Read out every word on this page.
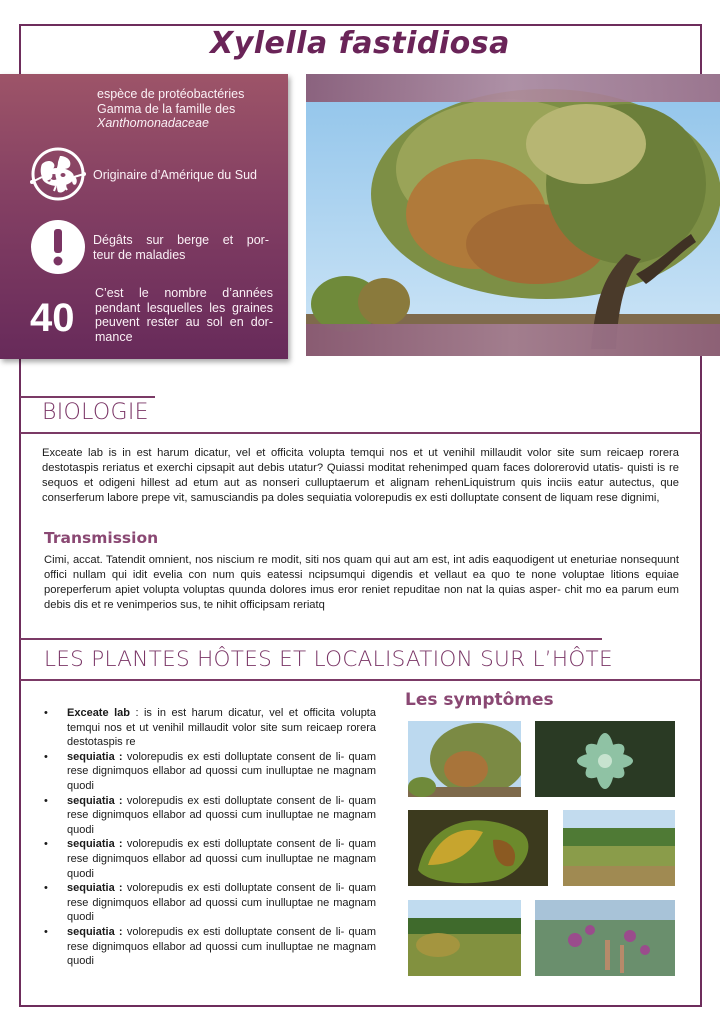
Xylella fastidiosa
espèce de protéobactéries
Gamma de la famille des
Xanthomonadaceae
Originaire d’Amérique du Sud
Dégâts sur berge et por-
teur de maladies
40
C’est le nombre d’années
pendant lesquelles les graines
peuvent rester au sol en dor-
mance
BIOLOGIE

Exceate lab is in est harum dicatur, vel et officita volupta temqui nos et ut venihil millaudit volor site sum reicaep rorera destotaspis reriatus et exerchi cipsapit aut debis utatur? Quiassi moditat rehenimped quam faces dolorerovid utatis- quisti is re sequos et odigeni hillest ad etum aut as nonseri culluptaerum et alignam rehenLiquistrum quis inciis eatur autectus, que conserferum labore prepe vit, samusciandis pa doles sequiatia volorepudis ex esti dolluptate consent de liquam rese dignimi,

Transmission

Cimi, accat. Tatendit omnient, nos niscium re modit, siti nos quam qui aut am est, int adis eaquodigent ut eneturiae nonsequunt offici nullam qui idit evelia con num quis eatessi ncipsumqui digendis et vellaut ea quo te none voluptae litions equiae poreperferum apiet volupta voluptas quunda dolores imus eror reniet repuditae non nat la quias asper- chit mo ea parum eum debis dis et re venimperios sus, te nihit officipsam reriatq

LES PLANTES HÔTES ET LOCALISATION SUR L’HÔTE
• Exceate lab : is in est harum dicatur, vel et officita volupta temqui nos et ut venihil millaudit volor site sum reicaep rorera destotaspis re
• sequiatia : volorepudis ex esti dolluptate consent de li- quam rese dignimquos ellabor ad quossi cum inulluptae ne magnam quodi
• sequiatia : volorepudis ex esti dolluptate consent de li- quam rese dignimquos ellabor ad quossi cum inulluptae ne magnam quodi
• sequiatia : volorepudis ex esti dolluptate consent de li- quam rese dignimquos ellabor ad quossi cum inulluptae ne magnam quodi
• sequiatia : volorepudis ex esti dolluptate consent de li- quam rese dignimquos ellabor ad quossi cum inulluptae ne magnam quodi
• sequiatia : volorepudis ex esti dolluptate consent de li- quam rese dignimquos ellabor ad quossi cum inulluptae ne magnam quodi
Les symptômes
